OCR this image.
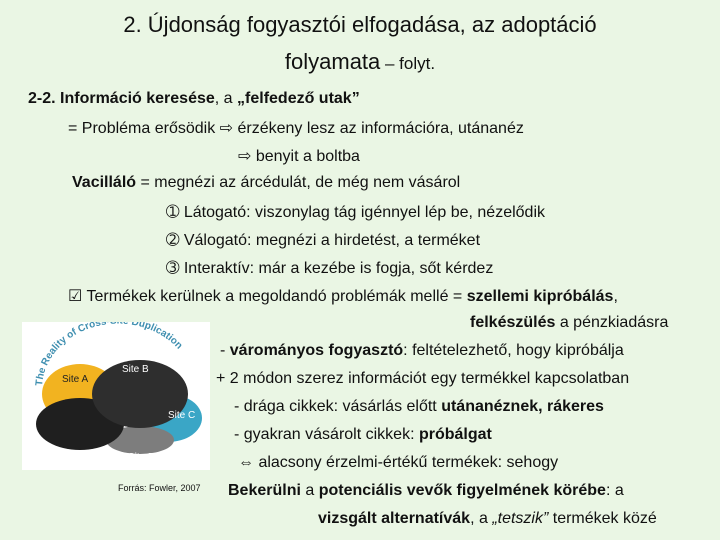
2. Újdonság fogyasztói elfogadása, az adoptáció
folyamata – folyt.
2-2. Információ keresése, a „felfedező utak”
= Probléma erősödik ⇨ érzékeny lesz az információra, utánanéz
⇨ benyit a boltba
Vacilláló = megnézi az árcédulát, de még nem vásárol
➀ Látogató: viszonylag tág igénnyel lép be, nézelődik
➁ Válogató: megnézi a hirdetést, a terméket
➂ Interaktív: már a kezébe is fogja, sőt kérdez
☑ Termékek kerülnek a megoldandó problémák mellé = szellemi kipróbálás,
felkészülés a pénzkiadásra
- várományos fogyasztó: feltételezhető, hogy kipróbálja
+ 2 módon szerez információt egy termékkel kapcsolatban
- drága cikkek: vásárlás előtt utánanéznek, rákeres
- gyakran vásárolt cikkek: próbálgat
⇔ alacsony érzelmi-értékű termékek: sehogy
Bekerülni a potenciális vevők figyelmének körébe: a
vizsgált alternatívák, a „tetszik” termékek közé
The Reality of Cross Duplication
Site A
Site B
Site C
Site D
Site E
Forrás: Fowler, 2007
